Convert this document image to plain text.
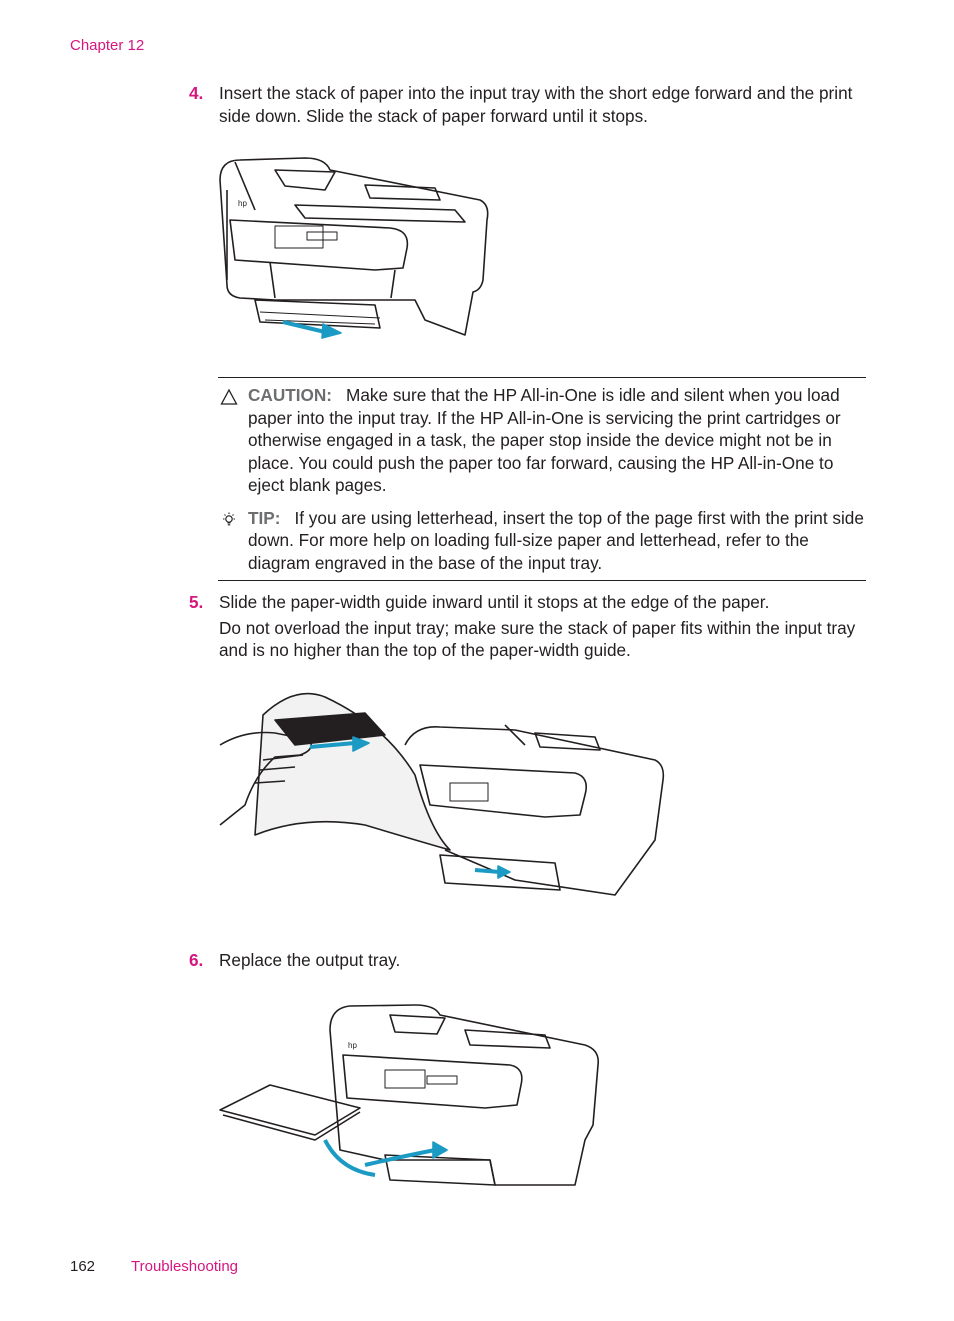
Chapter 12
4. Insert the stack of paper into the input tray with the short edge forward and the print side down. Slide the stack of paper forward until it stops.
hp
CAUTION: Make sure that the HP All-in-One is idle and silent when you load paper into the input tray. If the HP All-in-One is servicing the print cartridges or otherwise engaged in a task, the paper stop inside the device might not be in place. You could push the paper too far forward, causing the HP All-in-One to eject blank pages.
TIP: If you are using letterhead, insert the top of the page first with the print side down. For more help on loading full-size paper and letterhead, refer to the diagram engraved in the base of the input tray.
5. Slide the paper-width guide inward until it stops at the edge of the paper.

Do not overload the input tray; make sure the stack of paper fits within the input tray and is no higher than the top of the paper-width guide.

6. Replace the output tray.
hp
162 Troubleshooting
